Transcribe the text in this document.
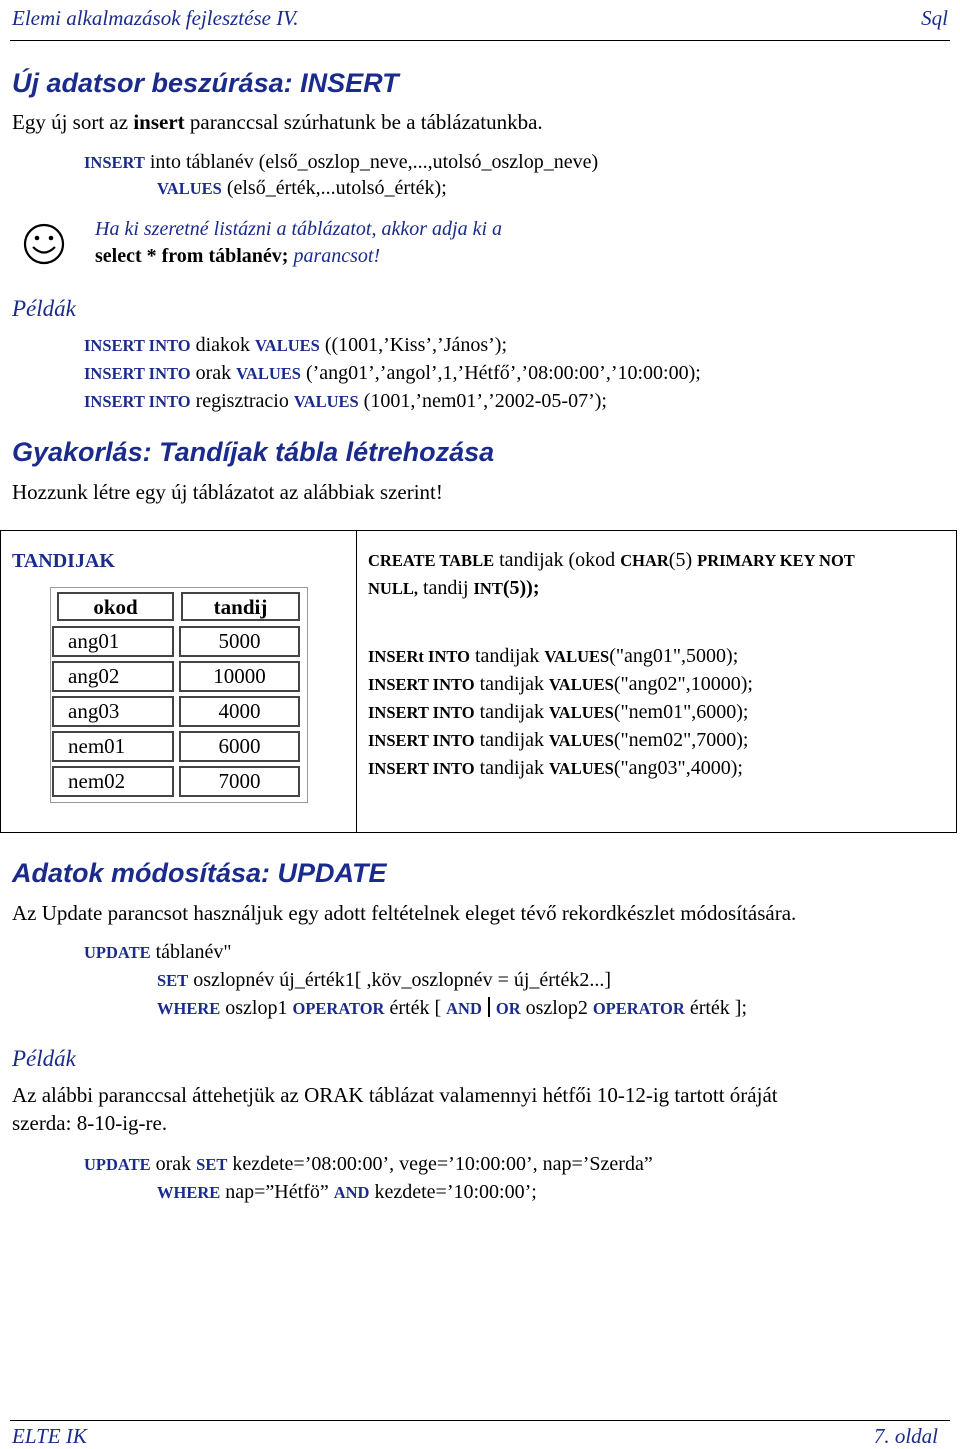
Elemi alkalmazások fejlesztése IV.	Sql
Új adatsor beszúrása: INSERT
Egy új sort az insert paranccsal szúrhatunk be a táblázatunkba.
INSERT into táblanév (első_oszlop_neve,...,utolsó_oszlop_neve)
VALUES (első_érték,...utolsó_érték);
Ha ki szeretné listázni a táblázatot, akkor adja ki a
select * from táblanév; parancsot!
Példák
INSERT INTO diakok VALUES ((1001,’Kiss’,’János’);
INSERT INTO orak VALUES (’ang01’,’angol’,1,’Hétfő’,’08:00:00’,’10:00:00);
INSERT INTO regisztracio VALUES (1001,’nem01’,’2002-05-07’);
Gyakorlás: Tandíjak tábla létrehozása
Hozzunk létre egy új táblázatot az alábbiak szerint!
TANDIJAK
okod	tandij
ang01	5000
ang02	10000
ang03	4000
nem01	6000
nem02	7000
CREATE TABLE tandijak (okod CHAR(5) PRIMARY KEY NOT
NULL, tandij INT(5));
INSERt INTO tandijak VALUES("ang01",5000);
INSERT INTO tandijak VALUES("ang02",10000);
INSERT INTO tandijak VALUES("nem01",6000);
INSERT INTO tandijak VALUES("nem02",7000);
INSERT INTO tandijak VALUES("ang03",4000);
Adatok módosítása: UPDATE
Az Update parancsot használjuk egy adott feltételnek eleget tévő rekordkészlet módosítására.
UPDATE táblanév"
SET oszlopnév új_érték1[ ,köv_oszlopnév = új_érték2...]
WHERE oszlop1 OPERATOR érték [ AND OR oszlop2 OPERATOR érték ];
Példák
Az alábbi paranccsal áttehetjük az ORAK táblázat valamennyi hétfői 10-12-ig tartott óráját
szerda: 8-10-ig-re.
UPDATE orak SET kezdete=’08:00:00’, vege=’10:00:00’, nap=’Szerda”
WHERE nap=”Hétfö” AND kezdete=’10:00:00’;
ELTE IK	7. oldal
